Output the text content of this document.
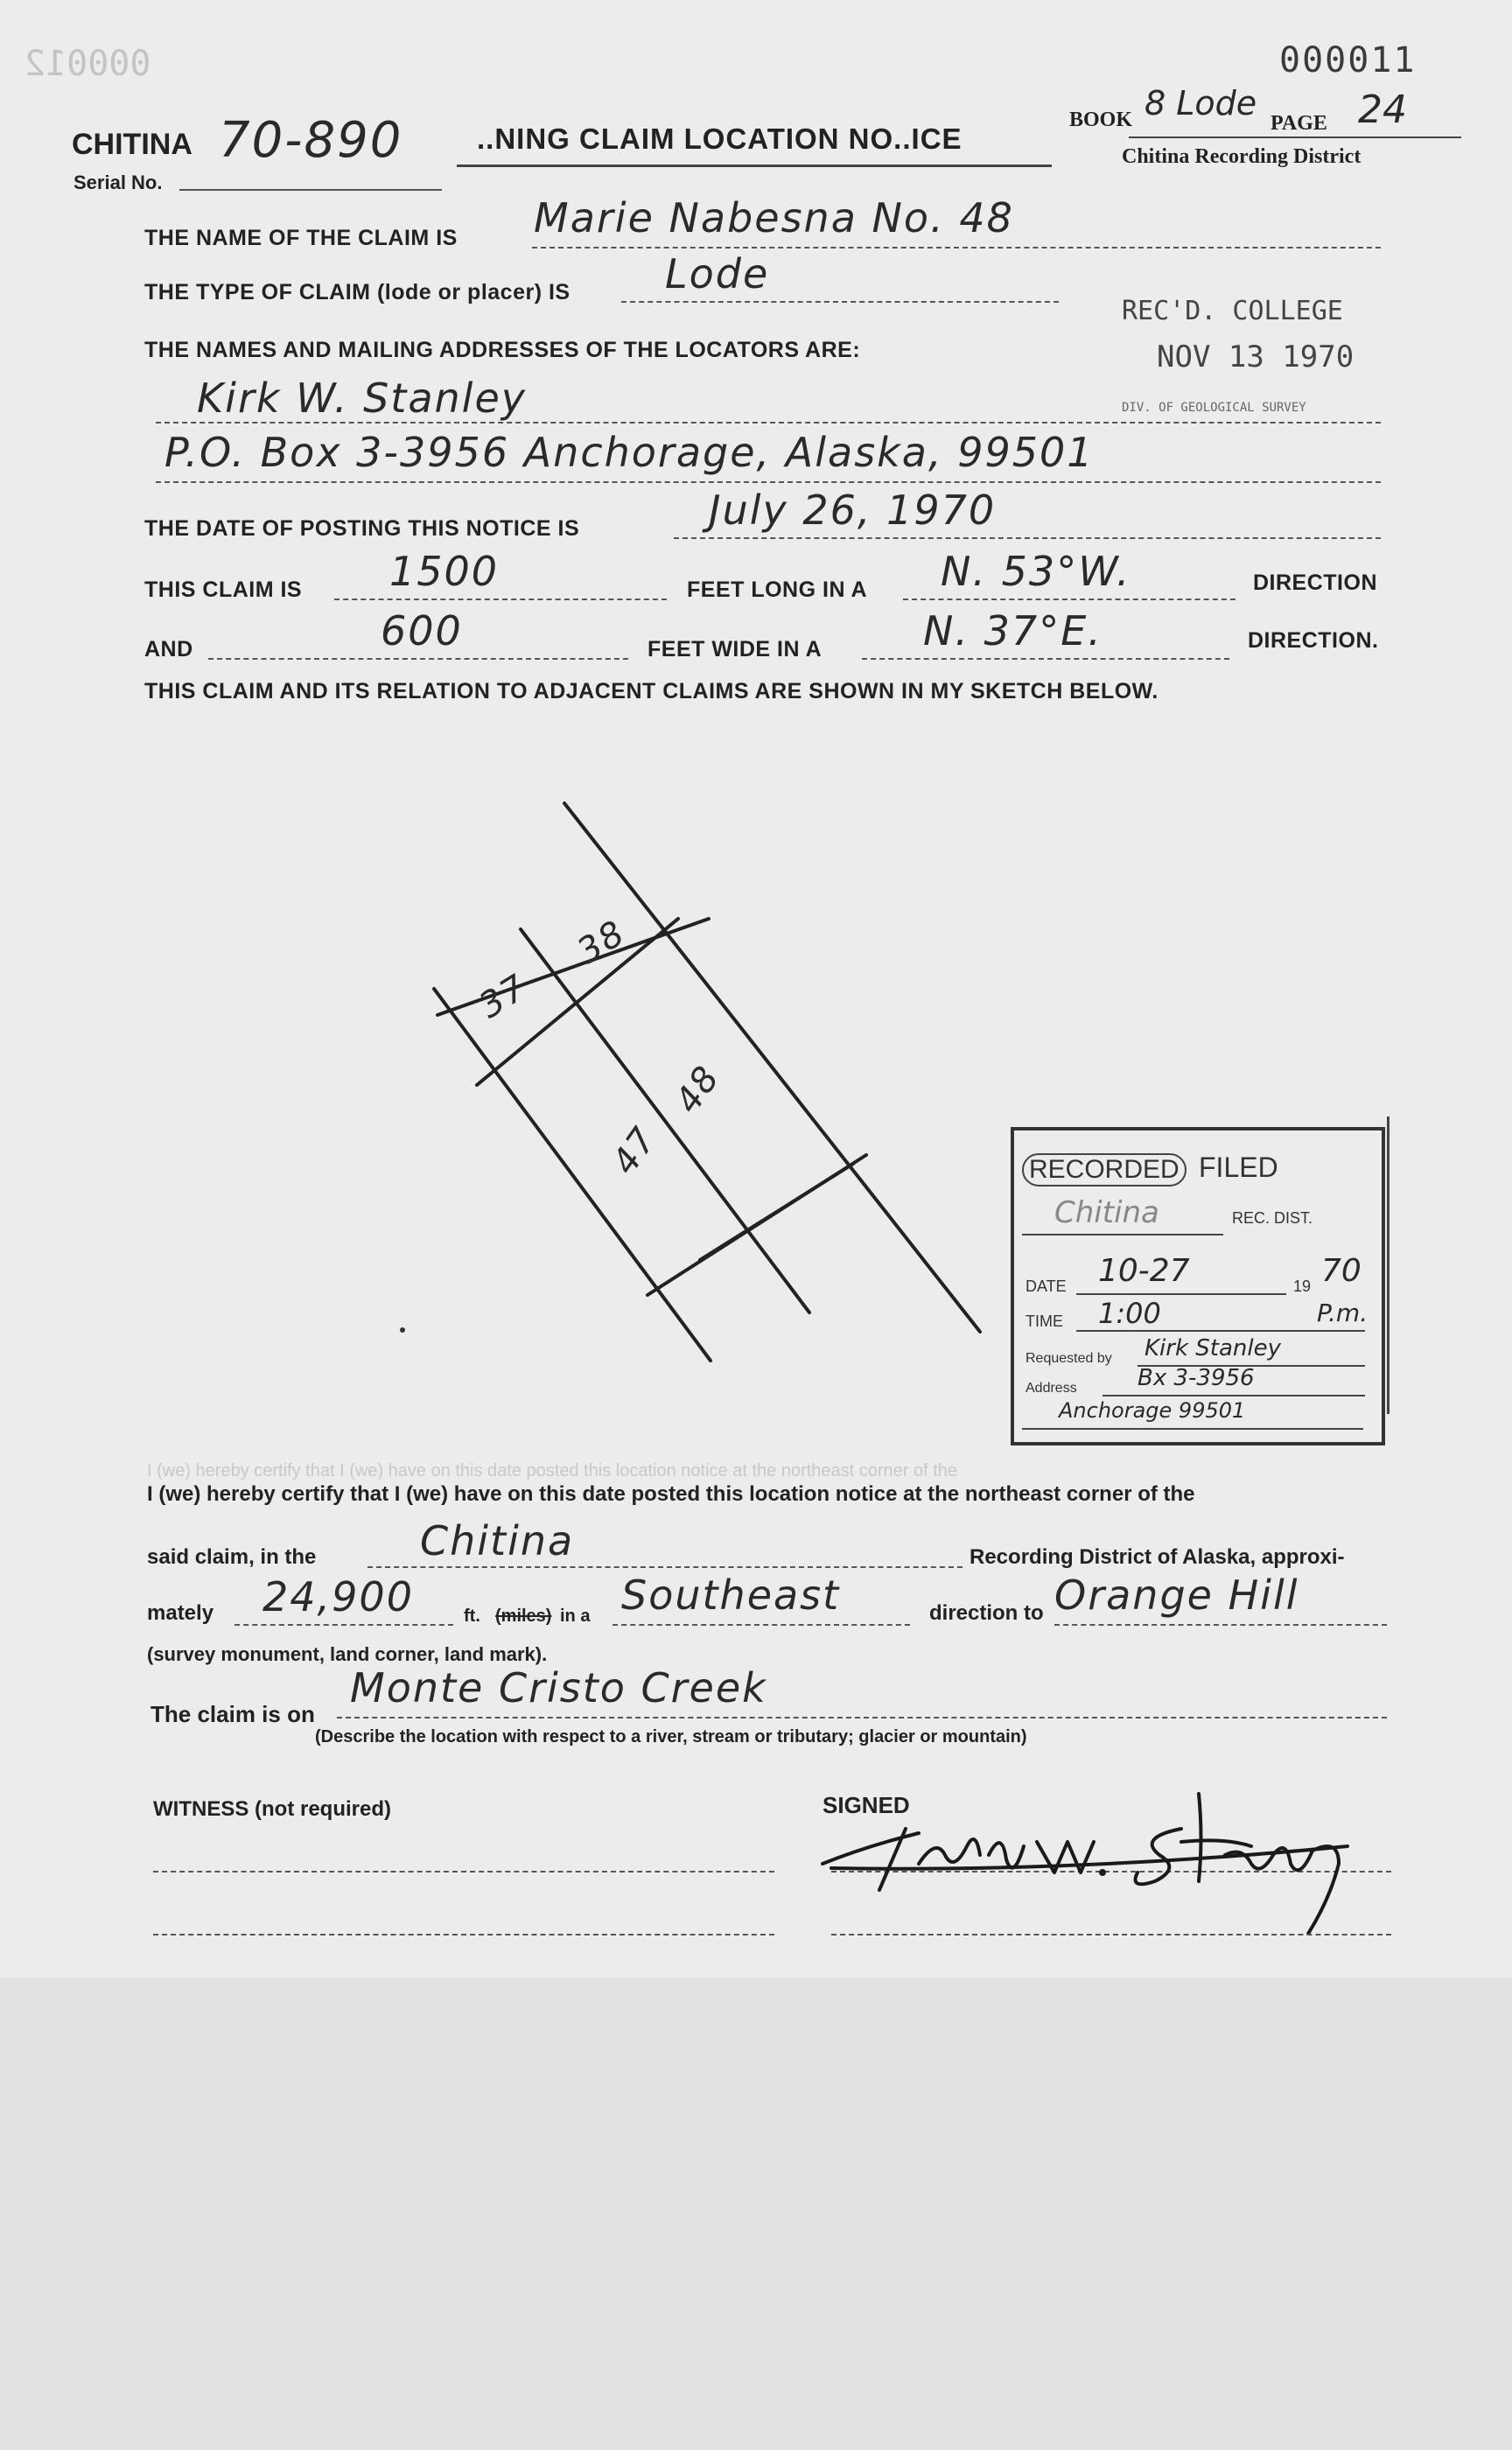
000012	000011
CHITINA
Serial No.
70-890	..NING CLAIM LOCATION NO..ICE
BOOK 8 Lode
PAGE 24
Chitina Recording District
THE NAME OF THE CLAIM IS Marie Nabesna No. 48
THE TYPE OF CLAIM (lode or placer) IS Lode
REC'D. COLLEGE
NOV 13 1970
DIV. OF GEOLOGICAL SURVEY
THE NAMES AND MAILING ADDRESSES OF THE LOCATORS ARE:
Kirk W. Stanley
P.O. Box 3-3956 Anchorage, Alaska, 99501
THE DATE OF POSTING THIS NOTICE IS	July 26, 1970
THIS CLAIM IS 1500	FEET LONG IN A N. 53°W.	DIRECTION
AND	600	FEET WIDE IN A	N. 37°E.	DIRECTION.
THIS CLAIM AND ITS RELATION TO ADJACENT CLAIMS ARE SHOWN IN MY SKETCH BELOW.
37
38
47
48
RECORDED FILED
Chitina	REC. DIST.
DATE 10-27	19 70
TIME 1:00	P.m.
Requested by Kirk Stanley
Address	Bx 3-3956
Anchorage 99501
I (we) hereby certify that I (we) have on this date posted this location notice at the northeast corner of the
I (we) hereby certify that I (we) have on this date posted this location notice at the northeast corner of the
said claim, in the	Chitina	Recording District of Alaska, approxi-
mately 24,900	ft. (miles) in a Southeast	direction to Orange Hill
(survey monument, land corner, land mark).
The claim is on
Monte Cristo Creek
(Describe the location with respect to a river, stream or tributary; glacier or mountain)
WITNESS (not required)	SIGNED
